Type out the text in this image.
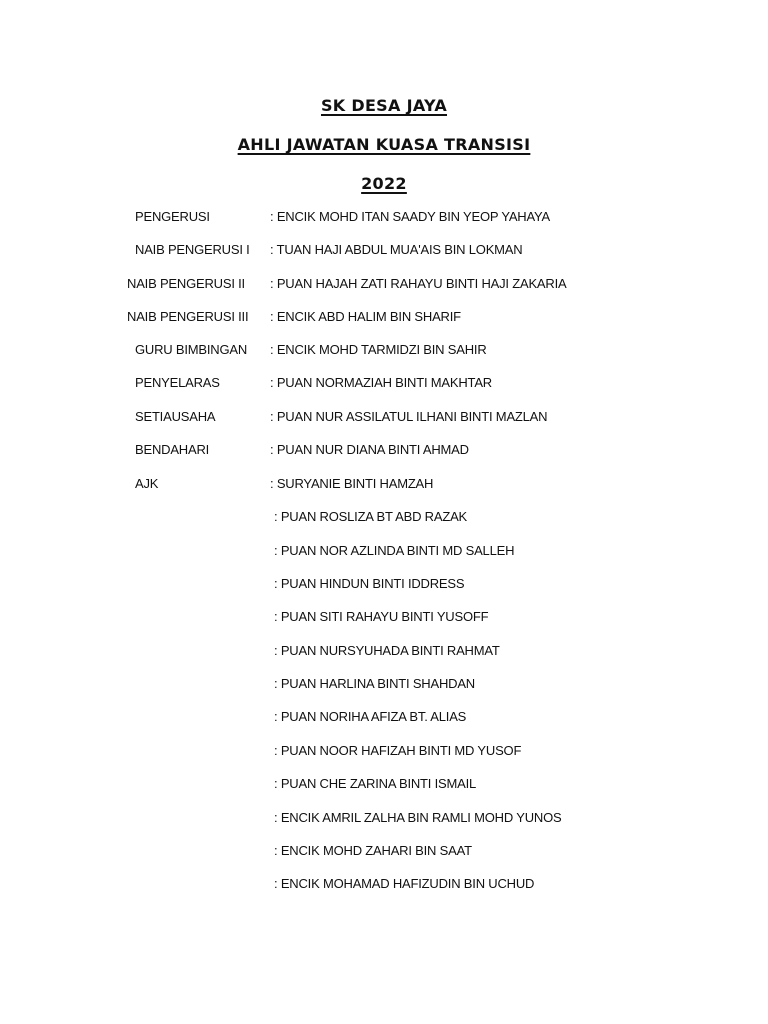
SK DESA JAYA
AHLI JAWATAN KUASA TRANSISI
2022
PENGERUSI	: ENCIK MOHD ITAN SAADY BIN YEOP YAHAYA
NAIB PENGERUSI I : TUAN HAJI ABDUL MUA'AIS BIN LOKMAN
NAIB PENGERUSI II : PUAN HAJAH ZATI RAHAYU BINTI HAJI ZAKARIA
NAIB PENGERUSI III : ENCIK ABD HALIM BIN SHARIF
GURU BIMBINGAN : ENCIK MOHD TARMIDZI BIN SAHIR
PENYELARAS	: PUAN NORMAZIAH BINTI MAKHTAR
SETIAUSAHA	: PUAN NUR ASSILATUL ILHANI BINTI MAZLAN
BENDAHARI	: PUAN NUR DIANA BINTI AHMAD
AJK	: SURYANIE BINTI HAMZAH
: PUAN ROSLIZA BT ABD RAZAK
: PUAN NOR AZLINDA BINTI MD SALLEH
: PUAN HINDUN BINTI IDDRESS
: PUAN SITI RAHAYU BINTI YUSOFF
: PUAN NURSYUHADA BINTI RAHMAT
: PUAN HARLINA BINTI SHAHDAN
: PUAN NORIHA AFIZA BT. ALIAS
: PUAN NOOR HAFIZAH BINTI MD YUSOF
: PUAN CHE ZARINA BINTI ISMAIL
: ENCIK AMRIL ZALHA BIN RAMLI MOHD YUNOS
: ENCIK MOHD ZAHARI BIN SAAT
: ENCIK MOHAMAD HAFIZUDIN BIN UCHUD
